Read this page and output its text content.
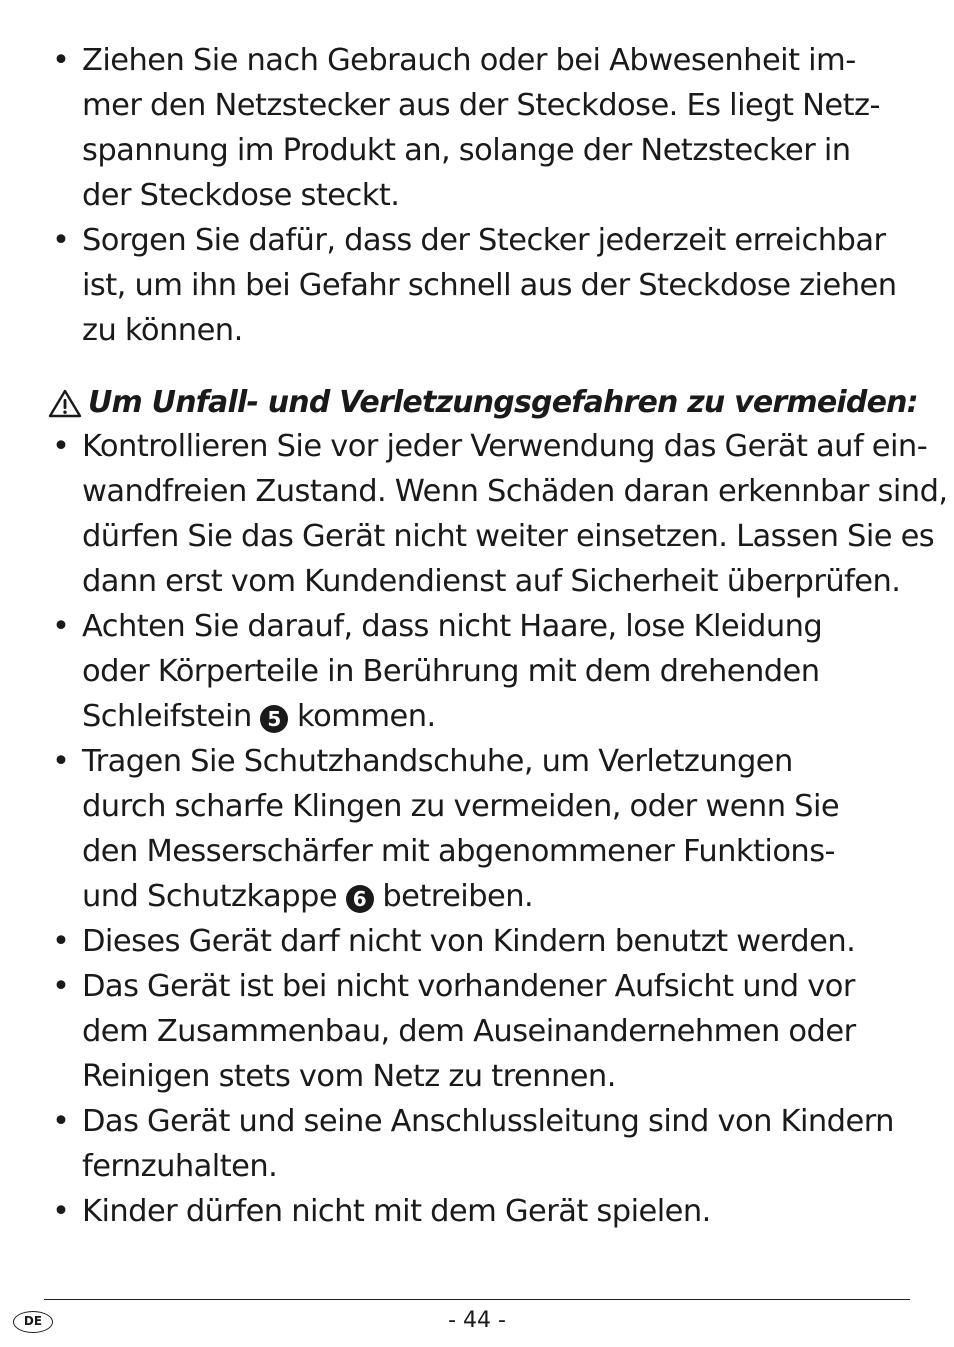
• Ziehen Sie nach Gebrauch oder bei Abwesenheit im-
mer den Netzstecker aus der Steckdose. Es liegt Netz-
spannung im Produkt an, solange der Netzstecker in
der Steckdose steckt.
• Sorgen Sie dafür, dass der Stecker jederzeit erreichbar
ist, um ihn bei Gefahr schnell aus der Steckdose ziehen
zu können.
Um Unfall- und Verletzungsgefahren zu vermeiden:
• Kontrollieren Sie vor jeder Verwendung das Gerät auf ein-
wandfreien Zustand. Wenn Schäden daran erkennbar sind,
dürfen Sie das Gerät nicht weiter einsetzen. Lassen Sie es
dann erst vom Kundendienst auf Sicherheit überprüfen.
• Achten Sie darauf, dass nicht Haare, lose Kleidung
oder Körperteile in Berührung mit dem drehenden
Schleifstein 5 kommen.
• Tragen Sie Schutzhandschuhe, um Verletzungen
durch scharfe Klingen zu vermeiden, oder wenn Sie
den Messerschärfer mit abgenommener Funktions-
und Schutzkappe 6 betreiben.
• Dieses Gerät darf nicht von Kindern benutzt werden.
• Das Gerät ist bei nicht vorhandener Aufsicht und vor
dem Zusammenbau, dem Auseinandernehmen oder
Reinigen stets vom Netz zu trennen.
• Das Gerät und seine Anschlussleitung sind von Kindern
fernzuhalten.
• Kinder dürfen nicht mit dem Gerät spielen.
DE	- 44 -
